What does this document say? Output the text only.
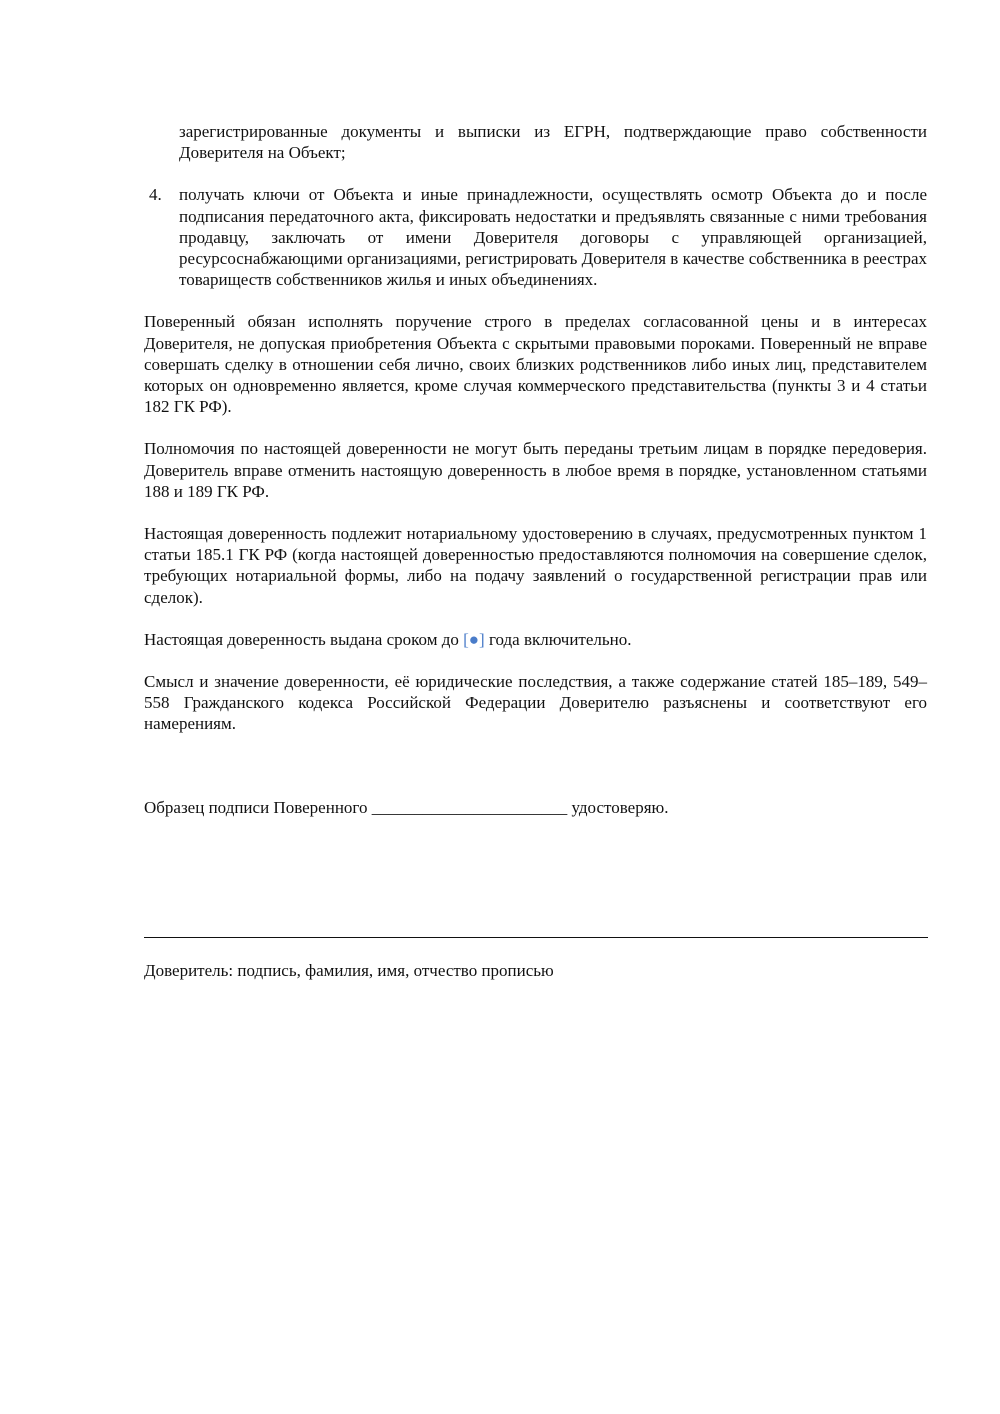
зарегистрированные документы и выписки из ЕГРН, подтверждающие право собственности Доверителя на Объект;

4.	получать ключи от Объекта и иные принадлежности, осуществлять осмотр Объекта до и после подписания передаточного акта, фиксировать недостатки и предъявлять связанные с ними требования продавцу, заключать от имени Доверителя договоры с управляющей организацией, ресурсоснабжающими организациями, регистрировать Доверителя в качестве собственника в реестрах товариществ собственников жилья и иных объединениях.

Поверенный обязан исполнять поручение строго в пределах согласованной цены и в интересах Доверителя, не допуская приобретения Объекта с скрытыми правовыми пороками. Поверенный не вправе совершать сделку в отношении себя лично, своих близких родственников либо иных лиц, представителем которых он одновременно является, кроме случая коммерческого представительства (пункты 3 и 4 статьи 182 ГК РФ).

Полномочия по настоящей доверенности не могут быть переданы третьим лицам в порядке передоверия. Доверитель вправе отменить настоящую доверенность в любое время в порядке, установленном статьями 188 и 189 ГК РФ.

Настоящая доверенность подлежит нотариальному удостоверению в случаях, предусмотренных пунктом 1 статьи 185.1 ГК РФ (когда настоящей доверенностью предоставляются полномочия на совершение сделок, требующих нотариальной формы, либо на подачу заявлений о государственной регистрации прав или сделок).

Настоящая доверенность выдана сроком до [●] года включительно.

Смысл и значение доверенности, её юридические последствия, а также содержание статей 185–189, 549–558 Гражданского кодекса Российской Федерации Доверителю разъяснены и соответствуют его намерениям.

Образец подписи Поверенного _______________________ удостоверяю.

Доверитель: подпись, фамилия, имя, отчество прописью
